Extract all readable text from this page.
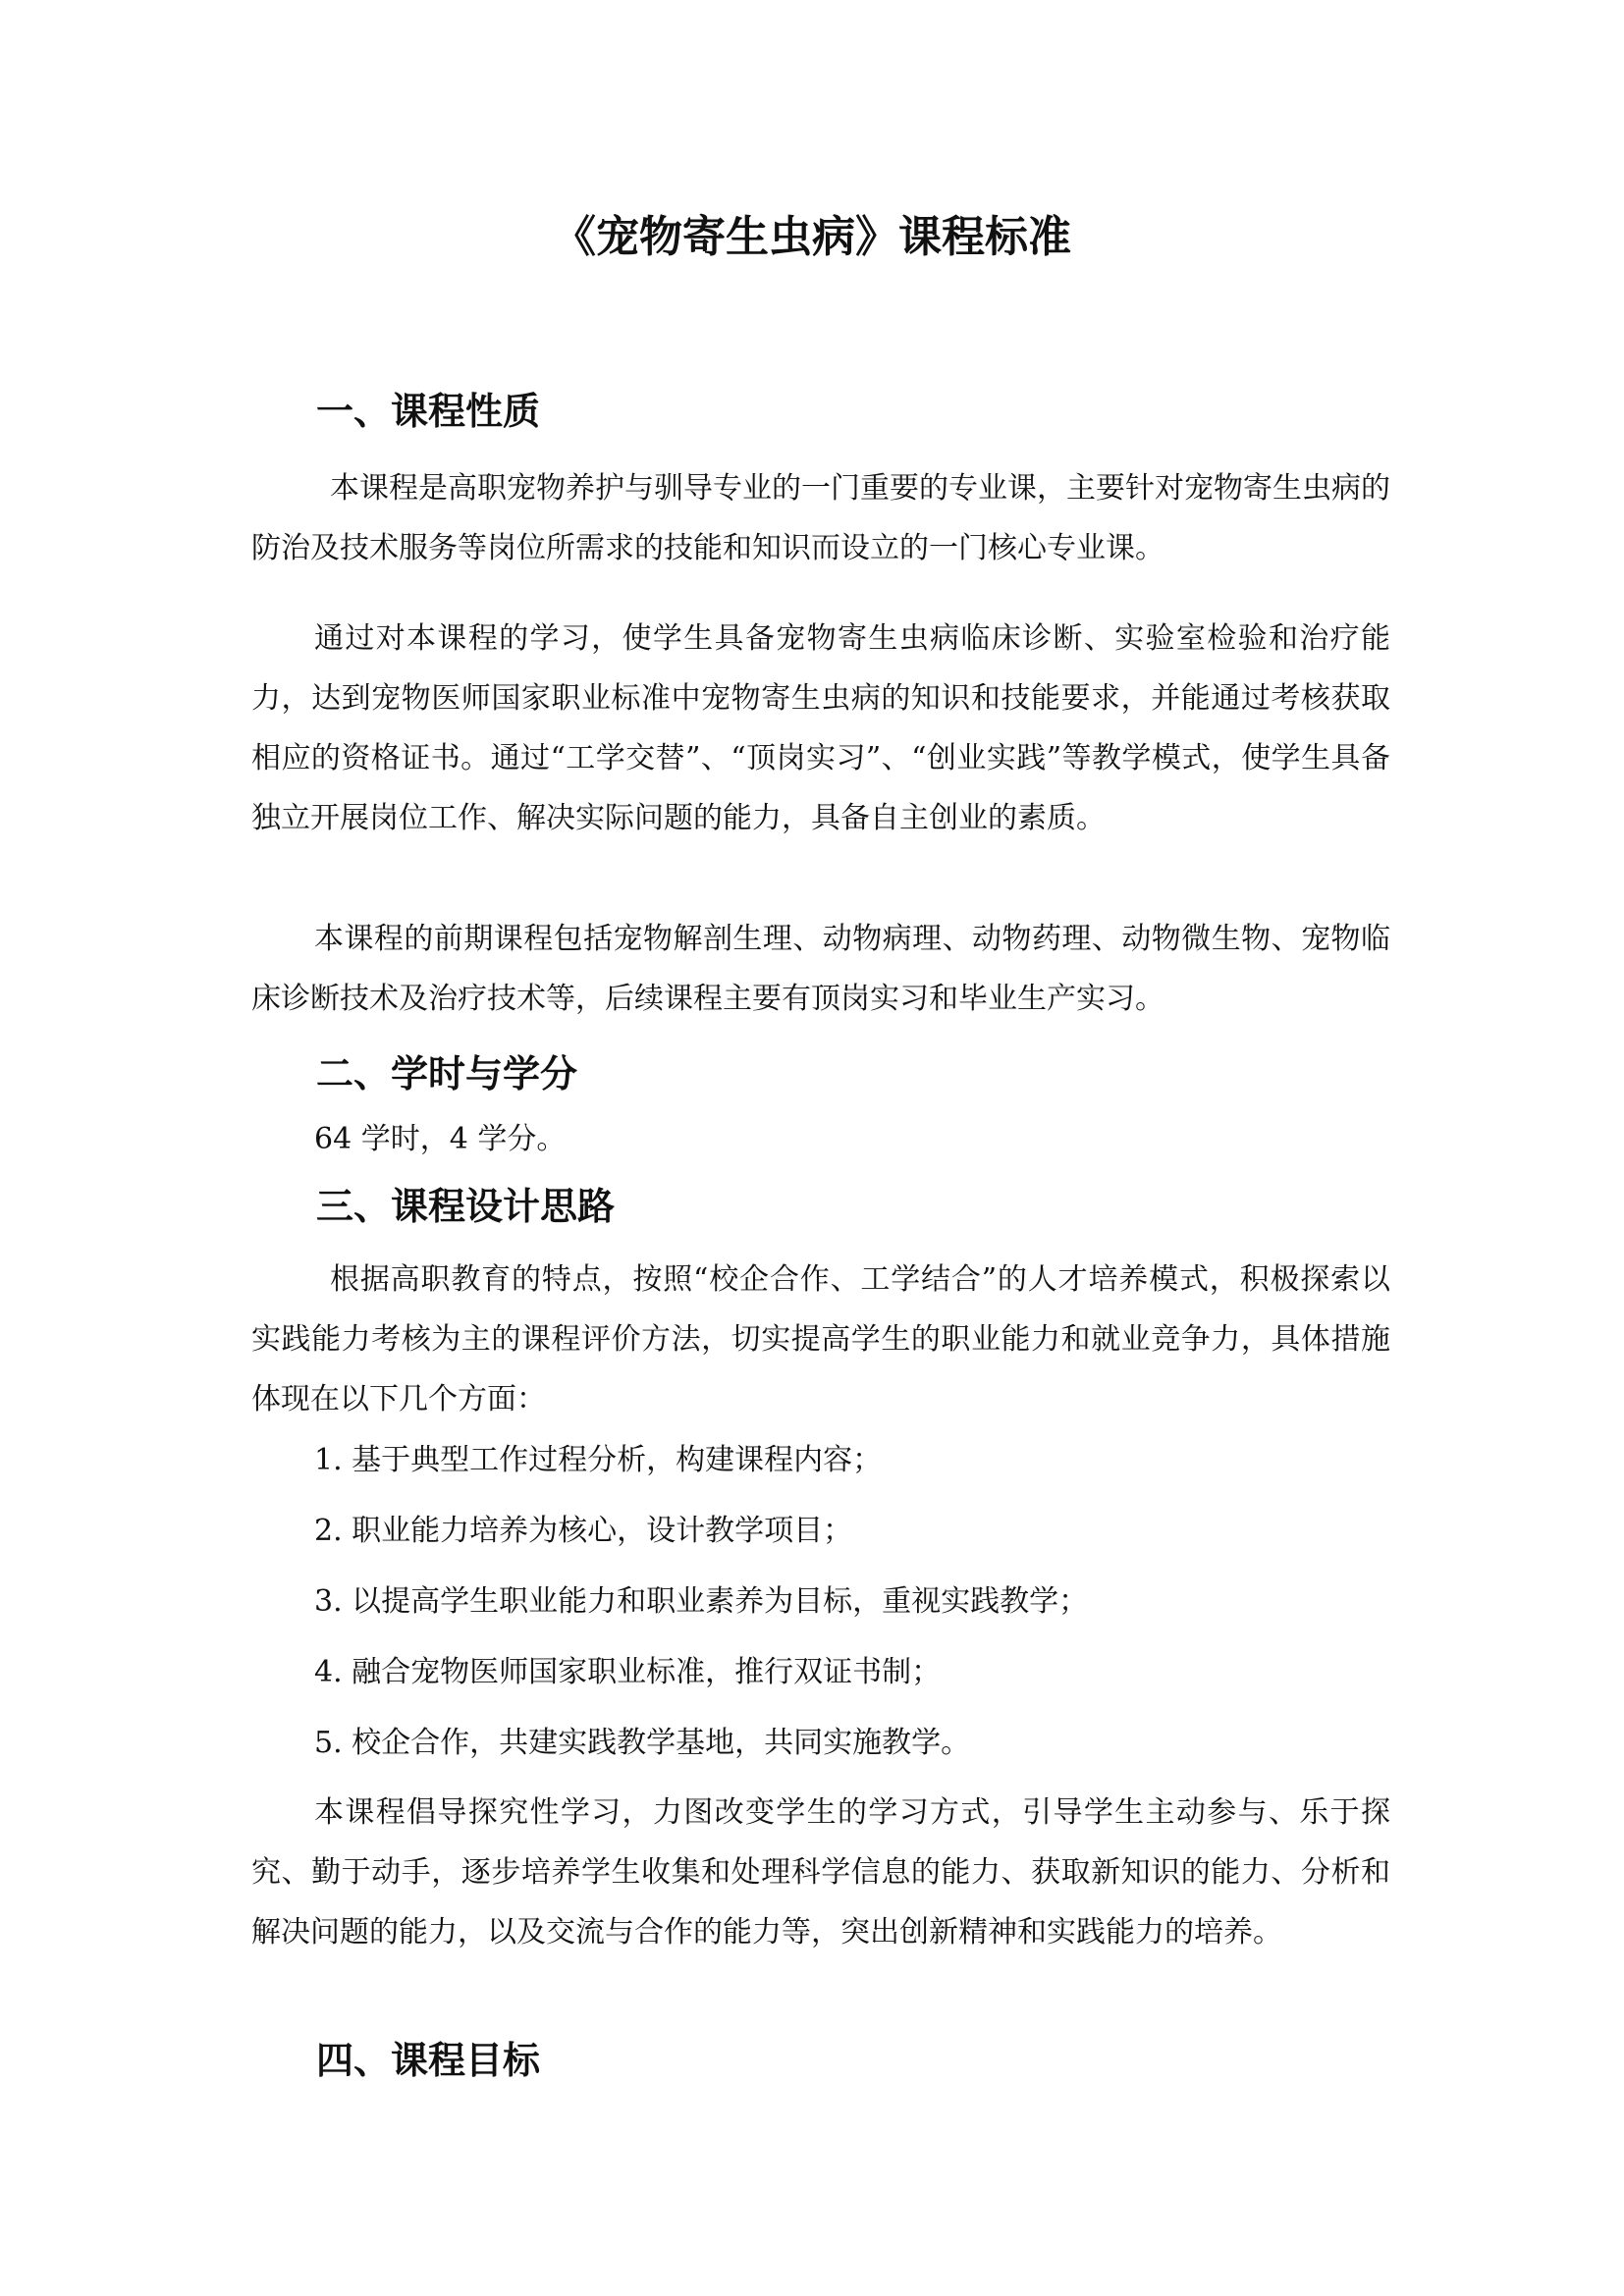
《宠物寄生虫病》课程标准
一、课程性质

本课程是高职宠物养护与驯导专业的一门重要的专业课，主要针对宠物寄生虫病的防治及技术服务等岗位所需求的技能和知识而设立的一门核心专业课。

通过对本课程的学习，使学生具备宠物寄生虫病临床诊断、实验室检验和治疗能力，达到宠物医师国家职业标准中宠物寄生虫病的知识和技能要求，并能通过考核获取相应的资格证书。通过“工学交替”、“顶岗实习”、“创业实践”等教学模式，使学生具备独立开展岗位工作、解决实际问题的能力，具备自主创业的素质。

本课程的前期课程包括宠物解剖生理、动物病理、动物药理、动物微生物、宠物临床诊断技术及治疗技术等，后续课程主要有顶岗实习和毕业生产实习。

二、学时与学分

64 学时，4 学分。

三、课程设计思路

根据高职教育的特点，按照“校企合作、工学结合”的人才培养模式，积极探索以实践能力考核为主的课程评价方法，切实提高学生的职业能力和就业竞争力，具体措施体现在以下几个方面：

1. 基于典型工作过程分析，构建课程内容；

2. 职业能力培养为核心，设计教学项目；

3. 以提高学生职业能力和职业素养为目标，重视实践教学；

4. 融合宠物医师国家职业标准，推行双证书制；

5. 校企合作，共建实践教学基地，共同实施教学。

本课程倡导探究性学习，力图改变学生的学习方式，引导学生主动参与、乐于探究、勤于动手，逐步培养学生收集和处理科学信息的能力、获取新知识的能力、分析和解决问题的能力，以及交流与合作的能力等，突出创新精神和实践能力的培养。

四、课程目标
